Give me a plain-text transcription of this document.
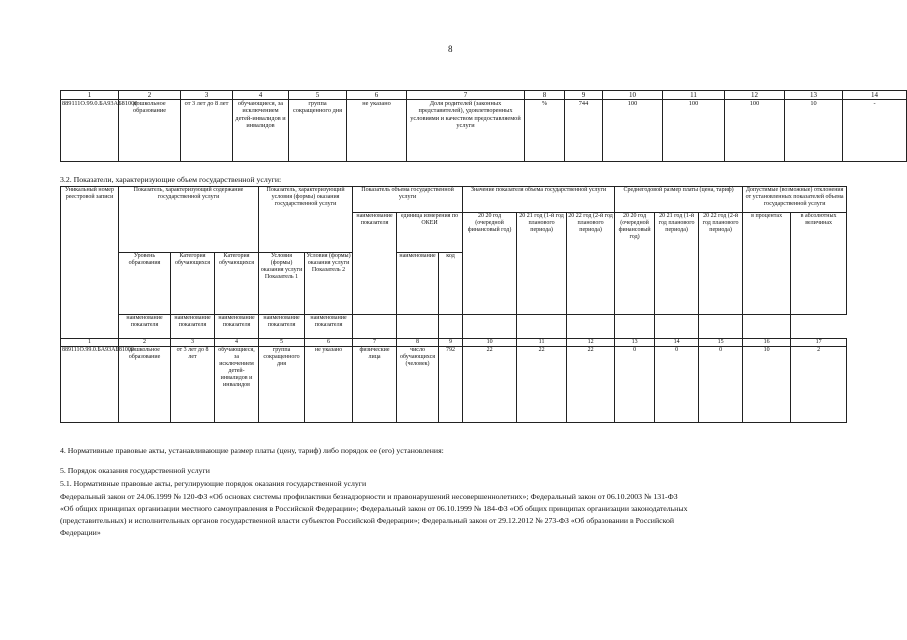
8
1	2	3	4	5	6	7	8	9	10	11	12	13	14
889111О.99.0.БА93АБ81000	дошкольное образование	от 3 лет до 8 лет	обучающиеся, за исключением детей-инвалидов и инвалидов	группа сокращенного дня	не указано	Доля родителей (законных представителей), удовлетворенных условиями и качеством предоставляемой услуги	%	744	100	100	100	10	-
3.2. Показатели, характеризующие объем государственной услуги:
Уникальный номер реестровой записи	Показатель, характеризующий содержание государственной услуги			Показатель, характеризующий условия (формы) оказания государственной услуги		Показатель объема государственной услуги			Значение показателя объема государственной услуги			Среднегодовой размер платы (цена, тариф)			Допустимые (возможные) отклонения от установленных показателей объема государственной услуги	
						наименование показателя	единица измерения по ОКЕИ		20 20 год (очередной финансовый год)	20 21 год (1-й год планового периода)	20 22 год (2-й год планового периода)	20 20 год (очередной финансовый год)	20 21 год (1-й год планового периода)	20 22 год (2-й год планового периода)	в процентах	в абсолютных величинах
	Уровень образования	Категория обучающихся	Категория обучающихся	Условия (формы) оказания услуги Показатель 1	Условия (формы) оказания услуги Показатель 2		наименование	код								
	наименование показателя	наименование показателя	наименование показателя	наименование показателя	наименование показателя											
1	2	3	4	5	6	7	8	9	10	11	12	13	14	15	16	17
889111О.99.0.БА93АБ81000	дошкольное образование	от 3 лет до 8 лет	обучающиеся, за исключением детей-инвалидов и инвалидов	группа сокращенного дня	не указано	физические лица	число обучающихся (человек)	792	22	22	22	0	0	0	10	2
4. Нормативные правовые акты, устанавливающие размер платы (цену, тариф) либо порядок ее (его) установления:
5. Порядок оказания государственной услуги
5.1. Нормативные правовые акты, регулирующие порядок оказания государственной услуги
Федеральный закон от 24.06.1999 № 120-ФЗ «Об основах системы профилактики безнадзорности и правонарушений несовершеннолетних»; Федеральный закон от 06.10.2003 № 131-ФЗ
«Об общих принципах организации местного самоуправления в Российской Федерации»; Федеральный закон от 06.10.1999 № 184-ФЗ «Об общих принципах организации законодательных
(представительных) и исполнительных органов государственной власти субъектов Российской Федерации»; Федеральный закон от 29.12.2012 № 273-ФЗ «Об образовании в Российской
Федерации»
